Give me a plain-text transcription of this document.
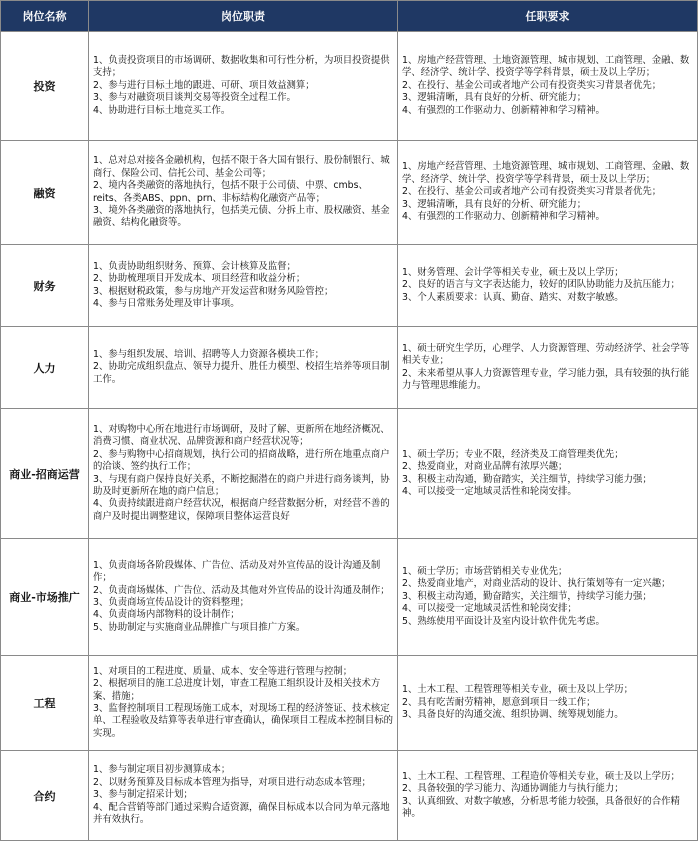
岗位名称	岗位职责	任职要求
投资	1、负责投资项目的市场调研、数据收集和可行性分析，为项目投资提供支持；
2、参与进行目标土地的跟进、可研、项目效益测算；
3、参与对融资项目谈判交易等投资全过程工作。
4、协助进行目标土地竞买工作。	1、房地产经营管理、土地资源管理、城市规划、工商管理、金融、数学、经济学、统计学、投资学等学科背景，硕士及以上学历；
2、在投行、基金公司或者地产公司有投资类实习背景者优先；
3、逻辑清晰，具有良好的分析、研究能力；
4、有强烈的工作驱动力、创新精神和学习精神。

融资	1、总对总对接各金融机构，包括不限于各大国有银行、股份制银行、城商行、保险公司、信托公司、基金公司等；
2、境内各类融资的落地执行，包括不限于公司债、中票、cmbs、reits、各类ABS、ppn、prn、非标结构化融资产品等；
3、境外各类融资的落地执行，包括美元债、分拆上市、股权融资、基金融资、结构化融资等。	1、房地产经营管理、土地资源管理、城市规划、工商管理、金融、数学、经济学、统计学、投资学等学科背景，硕士及以上学历；
2、在投行、基金公司或者地产公司有投资类实习背景者优先；
3、逻辑清晰，具有良好的分析、研究能力；
4、有强烈的工作驱动力、创新精神和学习精神。

财务	1、负责协助组织财务、预算、会计核算及监督；
2、协助梳理项目开发成本、项目经营和收益分析；
3、根据财税政策，参与房地产开发运营和财务风险管控；
4、参与日常账务处理及审计事项。	1、财务管理、会计学等相关专业，硕士及以上学历；
2、良好的语言与文字表达能力，较好的团队协助能力及抗压能力；
3、个人素质要求：认真、勤奋、踏实、对数字敏感。

人力	1、参与组织发展、培训、招聘等人力资源各模块工作；
2、协助完成组织盘点、领导力提升、胜任力模型、校招生培养等项目制工作。	1、硕士研究生学历，心理学、人力资源管理、劳动经济学、社会学等相关专业；
2、未来希望从事人力资源管理专业，学习能力强，具有较强的执行能力与管理思维能力。

商业-招商运营	1、对购物中心所在地进行市场调研，及时了解、更新所在地经济概况、消费习惯、商业状况、品牌资源和商户经营状况等；
2、参与购物中心招商规划，执行公司的招商战略，进行所在地重点商户的洽谈、签约执行工作；
3、与现有商户保持良好关系，不断挖掘潜在的商户并进行商务谈判，协助及时更新所在地的商户信息；
4、负责持续跟进商户经营状况，根据商户经营数据分析，对经营不善的商户及时提出调整建议，保障项目整体运营良好	1、硕士学历；专业不限，经济类及工商管理类优先；
2、热爱商业，对商业品牌有浓厚兴趣；
3、积极主动沟通，勤奋踏实，关注细节，持续学习能力强；
4、可以接受一定地域灵活性和轮岗安排。

商业-市场推广	1、负责商场各阶段媒体、广告位、活动及对外宣传品的设计沟通及制作；
2、负责商场媒体、广告位、活动及其他对外宣传品的设计沟通及制作；
3、负责商场宣传品设计的资料整理；
4、负责商场内部物料的设计制作；
5、协助制定与实施商业品牌推广与项目推广方案。	1、硕士学历；市场营销相关专业优先；
2、热爱商业地产，对商业活动的设计、执行策划等有一定兴趣；
3、积极主动沟通，勤奋踏实，关注细节，持续学习能力强；
4、可以接受一定地域灵活性和轮岗安排；
5、熟练使用平面设计及室内设计软件优先考虑。

工程	1、对项目的工程进度、质量、成本、安全等进行管理与控制；
2、根据项目的施工总进度计划，审查工程施工组织设计及相关技术方案、措施；
3、监督控制项目工程现场施工成本，对现场工程的经济签证、技术核定单、工程验收及结算等表单进行审查确认，确保项目工程成本控制目标的实现。	1、土木工程、工程管理等相关专业，硕士及以上学历；
2、具有吃苦耐劳精神，愿意到项目一线工作；
3、具备良好的沟通交流、组织协调、统筹规划能力。

合约	1、参与制定项目初步测算成本；
2、以财务预算及目标成本管理为指导，对项目进行动态成本管理；
3、参与制定招采计划；
4、配合营销等部门通过采购合适资源，确保目标成本以合同为单元落地并有效执行。	1、土木工程、工程管理、工程造价等相关专业，硕士及以上学历；
2、具备较强的学习能力、沟通协调能力与执行能力；
3、认真细致、对数字敏感，分析思考能力较强，具备很好的合作精神。
